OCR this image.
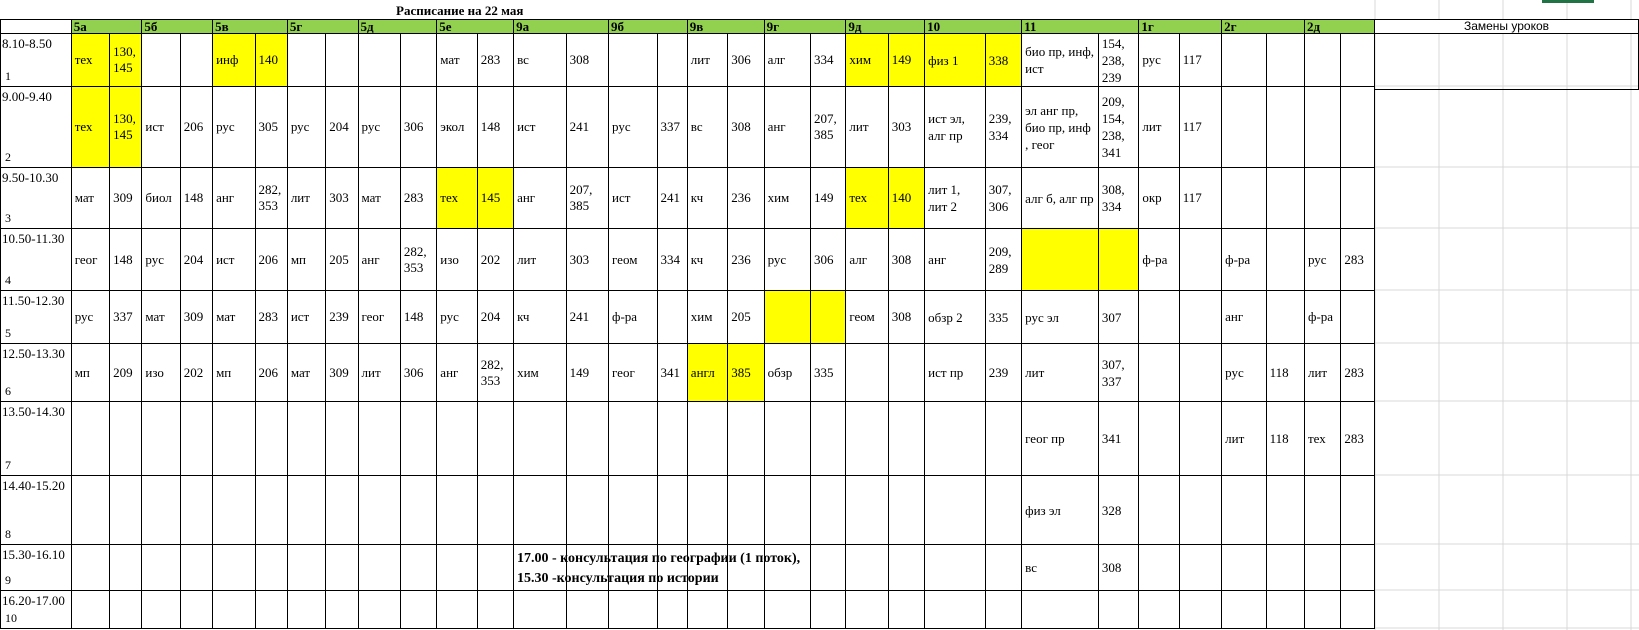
Расписание на 22 мая
	5а		5б		5в		5г		5д		5е		9а		9б		9в		9г		9д		10		11		1г		2г		2д	

8.10-8.50
1	тех	130, 145			инф	140					мат	283	вс	308			лит	306	алг	334	хим	149	физ 1	338	био пр, инф, ист	154, 238, 239	рус	117				

9.00-9.40
2	тех	130, 145	ист	206	рус	305	рус	204	рус	306	экол	148	ист	241	рус	337	вс	308	анг	207, 385	лит	303	ист эл, алг пр	239, 334	эл анг пр, био пр, инф , геог	209, 154, 238, 341	лит	117				

9.50-10.30
3	мат	309	биол	148	анг	282, 353	лит	303	мат	283	тех	145	анг	207, 385	ист	241	кч	236	хим	149	тех	140	лит 1, лит 2	307, 306	алг б, алг пр	308, 334	окр	117				

10.50-11.30
4	геог	148	рус	204	ист	206	мп	205	анг	282, 353	изо	202	лит	303	геом	334	кч	236	рус	306	алг	308	анг	209, 289			ф-ра		ф-ра		рус	283

11.50-12.30
5	рус	337	мат	309	мат	283	ист	239	геог	148	рус	204	кч	241	ф-ра		хим	205			геом	308	обзр 2	335	рус эл	307			анг		ф-ра	

12.50-13.30
6	мп	209	изо	202	мп	206	мат	309	лит	306	анг	282, 353	хим	149	геог	341	англ	385	обзр	335			ист пр	239	лит	307, 337			рус	118	лит	283

13.50-14.30
7																									геог пр	341			лит	118	тех	283

14.40-15.20
8																									физ эл	328						

15.30-16.10
9																									вс	308						

16.20-17.00
10																																

Замены уроков
17.00 - консультация по географии (1 поток),
15.30 -консультация по истории
